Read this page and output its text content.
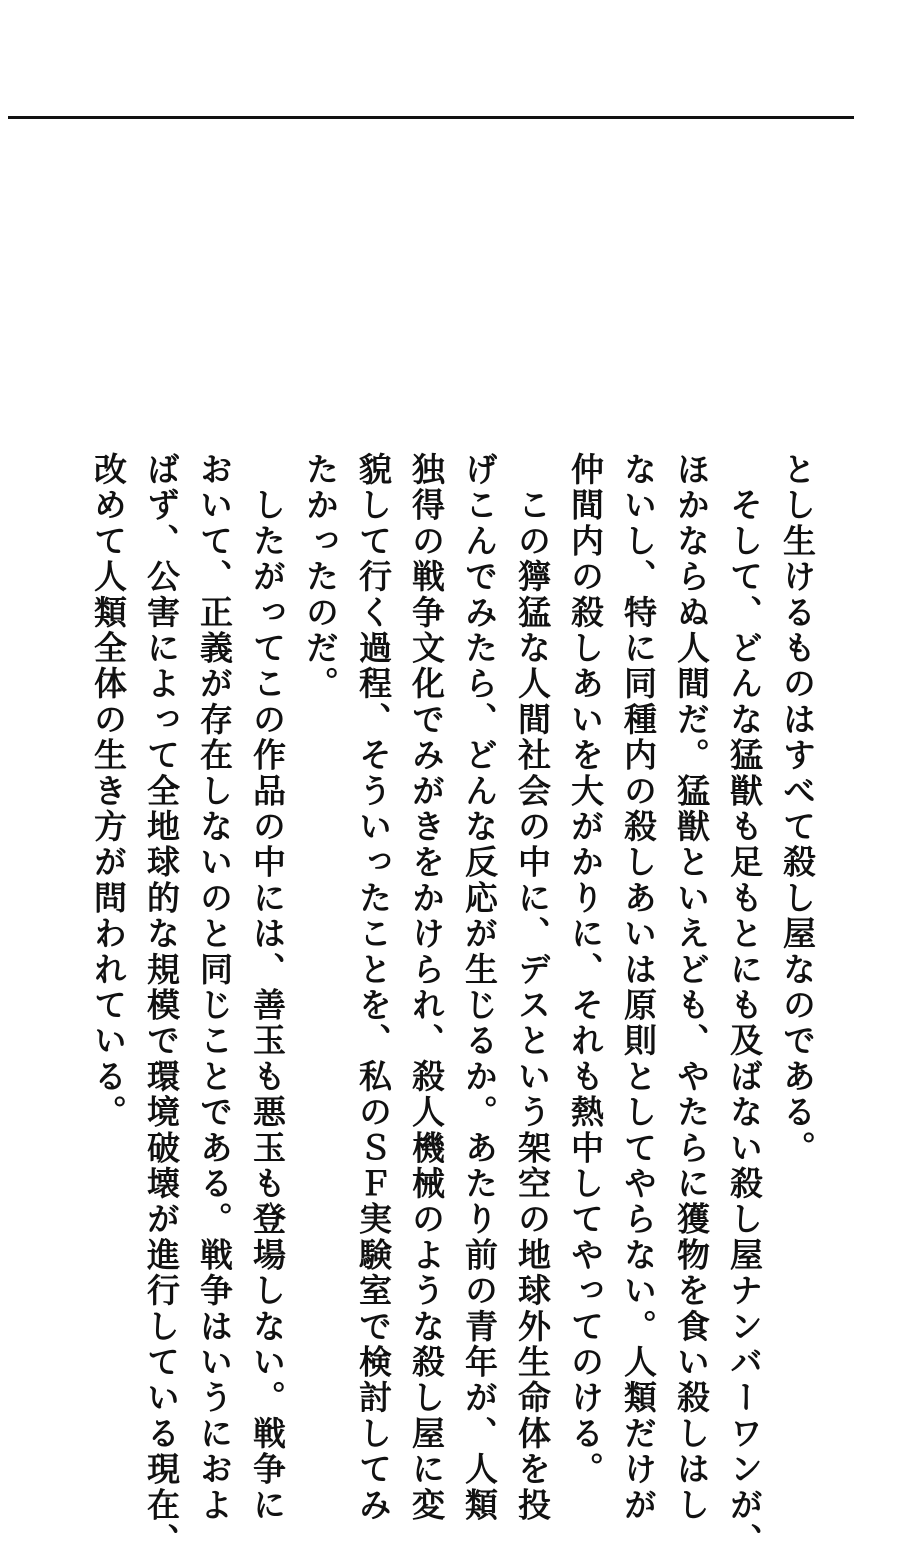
とし生けるものはすべて殺し屋なのである。
　そして、どんな猛獣も足もとにも及ばない殺し屋ナンバーワンが、
ほかならぬ人間だ。猛獣といえども、やたらに獲物を食い殺しはし
ないし、特に同種内の殺しあいは原則としてやらない。人類だけが
仲間内の殺しあいを大がかりに、それも熱中してやってのける。
　この獰猛な人間社会の中に、デスという架空の地球外生命体を投
げこんでみたら、どんな反応が生じるか。あたり前の青年が、人類
独得の戦争文化でみがきをかけられ、殺人機械のような殺し屋に変
貌して行く過程、そういったことを、私のＳＦ実験室で検討してみ
たかったのだ。
　したがってこの作品の中には、善玉も悪玉も登場しない。戦争に
おいて、正義が存在しないのと同じことである。戦争はいうにおよ
ばず、公害によって全地球的な規模で環境破壊が進行している現在、
改めて人類全体の生き方が問われている。
